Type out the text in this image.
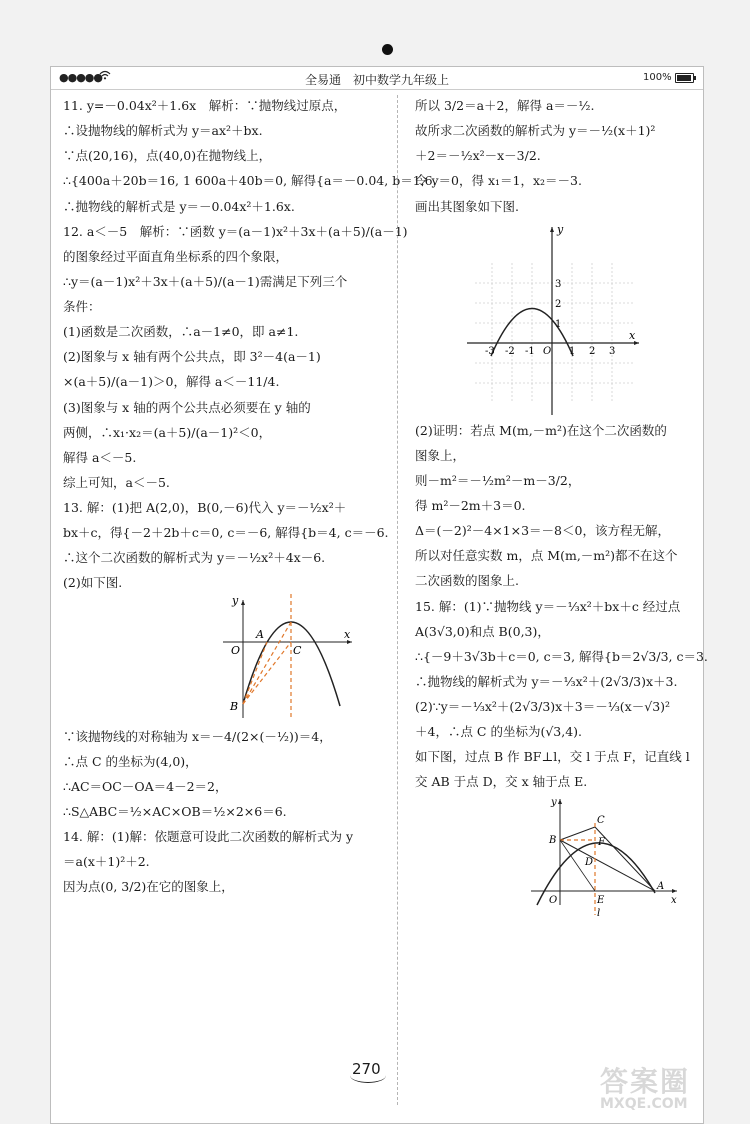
●●●●●	全易通　初中数学九年级上	100%
11. y=－0.04x²＋1.6x　解析：∵抛物线过原点，
∴设抛物线的解析式为 y＝ax²＋bx.
∵点(20,16)，点(40,0)在抛物线上，
∴{400a＋20b＝16, 1 600a＋40b＝0, 解得{a＝－0.04, b＝1.6.
∴抛物线的解析式是 y＝－0.04x²＋1.6x.
12. a＜－5　解析：∵函数 y＝(a－1)x²＋3x＋(a＋5)/(a－1)
的图象经过平面直角坐标系的四个象限，
∴y＝(a－1)x²＋3x＋(a＋5)/(a－1)需满足下列三个
条件：
(1)函数是二次函数，∴a－1≠0，即 a≠1.
(2)图象与 x 轴有两个公共点，即 3²－4(a－1)
×(a＋5)/(a－1)＞0，解得 a＜－11/4.
(3)图象与 x 轴的两个公共点必须要在 y 轴的
两侧，∴x₁·x₂＝(a＋5)/(a－1)²＜0，
解得 a＜－5.
综上可知，a＜－5.
13. 解：(1)把 A(2,0)，B(0,－6)代入 y＝－½x²＋
bx＋c，得{－2＋2b＋c＝0, c＝－6, 解得{b＝4, c＝－6.
∴这个二次函数的解析式为 y＝－½x²＋4x－6.
(2)如下图.
y
x
O
A
C
B
∵该抛物线的对称轴为 x＝－4/(2×(－½))＝4，
∴点 C 的坐标为(4,0)，
∴AC＝OC－OA＝4－2＝2，
∴S△ABC＝½×AC×OB＝½×2×6＝6.
14. 解：(1)解：依题意可设此二次函数的解析式为 y
＝a(x＋1)²＋2.
因为点(0, 3/2)在它的图象上，
所以 3/2＝a＋2，解得 a＝－½.
故所求二次函数的解析式为 y＝－½(x＋1)²
＋2＝－½x²－x－3/2.
令 y＝0，得 x₁＝1，x₂＝－3.
画出其图象如下图.
y
x
-3 -2 -1 O 1 2 3
3
2
1
(2)证明：若点 M(m,－m²)在这个二次函数的
图象上，
则－m²＝－½m²－m－3/2，
得 m²－2m＋3＝0.
Δ＝(－2)²－4×1×3＝－8＜0，该方程无解，
所以对任意实数 m，点 M(m,－m²)都不在这个
二次函数的图象上.
15. 解：(1)∵抛物线 y＝－⅓x²＋bx＋c 经过点
A(3√3,0)和点 B(0,3)，
∴{－9＋3√3b＋c＝0, c＝3, 解得{b＝2√3/3, c＝3.
∴抛物线的解析式为 y＝－⅓x²＋(2√3/3)x＋3.
(2)∵y＝－⅓x²＋(2√3/3)x＋3＝－⅓(x－√3)²
＋4，∴点 C 的坐标为(√3,4).
如下图，过点 B 作 BF⊥l，交 l 于点 F，记直线 l
交 AB 于点 D，交 x 轴于点 E.
y
x
O
B
C
F
D
E
A
l
270	答案圈
MXQE.COM
